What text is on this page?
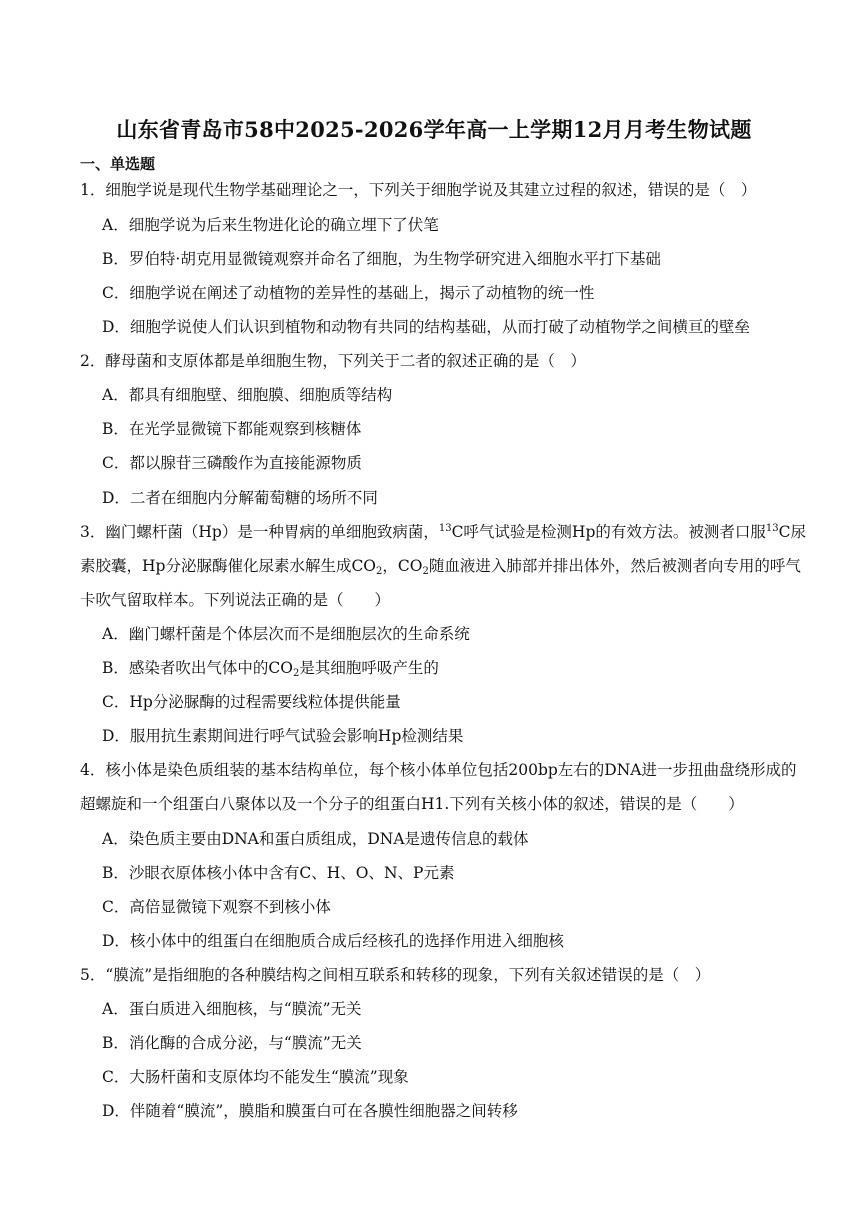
山东省青岛市58中2025-2026学年高一上学期12月月考生物试题
一、单选题
1．细胞学说是现代生物学基础理论之一，下列关于细胞学说及其建立过程的叙述，错误的是（　）
A．细胞学说为后来生物进化论的确立埋下了伏笔
B．罗伯特·胡克用显微镜观察并命名了细胞，为生物学研究进入细胞水平打下基础
C．细胞学说在阐述了动植物的差异性的基础上，揭示了动植物的统一性
D．细胞学说使人们认识到植物和动物有共同的结构基础，从而打破了动植物学之间横亘的壁垒
2．酵母菌和支原体都是单细胞生物，下列关于二者的叙述正确的是（　）
A．都具有细胞壁、细胞膜、细胞质等结构
B．在光学显微镜下都能观察到核糖体
C．都以腺苷三磷酸作为直接能源物质
D．二者在细胞内分解葡萄糖的场所不同
3．幽门螺杆菌（Hp）是一种胃病的单细胞致病菌，$^{13}$C呼气试验是检测Hp的有效方法。被测者口服$^{13}$C尿
素胶囊，Hp分泌脲酶催化尿素水解生成$CO_2$，$CO_2$随血液进入肺部并排出体外，然后被测者向专用的呼气
卡吹气留取样本。下列说法正确的是（　　）
A．幽门螺杆菌是个体层次而不是细胞层次的生命系统
B．感染者吹出气体中的$CO_2$是其细胞呼吸产生的
C．Hp分泌脲酶的过程需要线粒体提供能量
D．服用抗生素期间进行呼气试验会影响Hp检测结果
4．核小体是染色质组装的基本结构单位，每个核小体单位包括200bp左右的DNA进一步扭曲盘绕形成的
超螺旋和一个组蛋白八聚体以及一个分子的组蛋白H1.下列有关核小体的叙述，错误的是（　　）
A．染色质主要由DNA和蛋白质组成，DNA是遗传信息的载体
B．沙眼衣原体核小体中含有C、H、O、N、P元素
C．高倍显微镜下观察不到核小体
D．核小体中的组蛋白在细胞质合成后经核孔的选择作用进入细胞核
5．“膜流”是指细胞的各种膜结构之间相互联系和转移的现象，下列有关叙述错误的是（　）
A．蛋白质进入细胞核，与“膜流”无关
B．消化酶的合成分泌，与“膜流”无关
C．大肠杆菌和支原体均不能发生“膜流”现象
D．伴随着“膜流”，膜脂和膜蛋白可在各膜性细胞器之间转移
